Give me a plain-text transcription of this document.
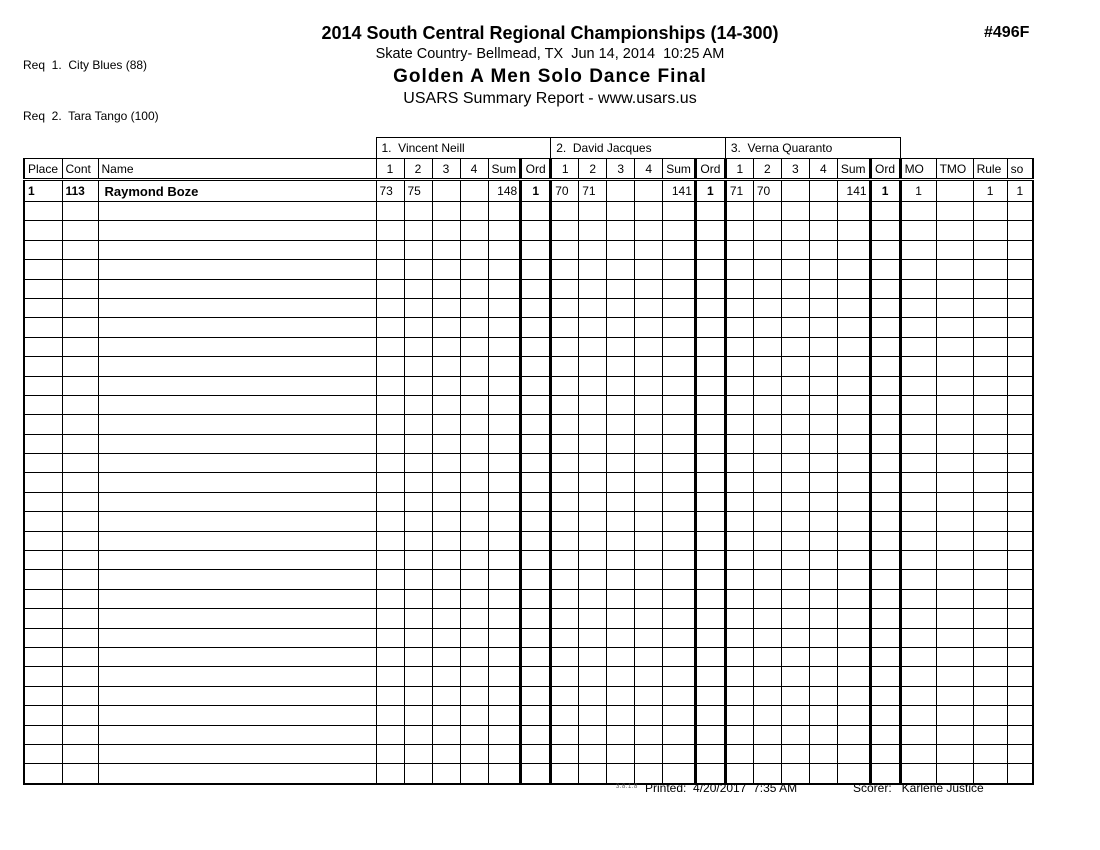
Req  1.  City Blues (88)

Req  2.  Tara Tango (100)

2014 South Central Regional Championships (14-300)
Skate Country- Bellmead, TX  Jun 14, 2014  10:25 AM
Golden A Men Solo Dance Final
USARS Summary Report - www.usars.us
#496F
			1.  Vincent Neill						2.  David Jacques						3.  Verna Quaranto									
Place	Cont	Name	1	2	3	4	Sum	Ord	1	2	3	4	Sum	Ord	1	2	3	4	Sum	Ord	MO	TMO	Rule	so
1	113	Raymond Boze	73	75			148	1	70	71			141	1	71	70			141	1	1		1	1

3.8.1.8 Printed:  4/20/2017  7:35 AM	Scorer:   Karlene Justice
